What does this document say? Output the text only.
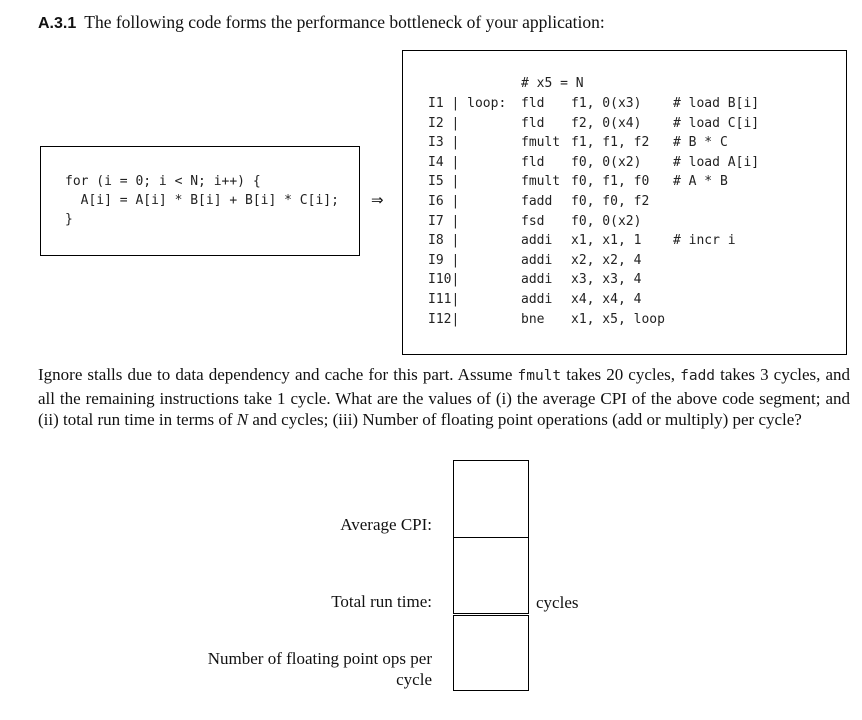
A.3.1 The following code forms the performance bottleneck of your application:
for (i = 0; i < N; i++) {
A[i] = A[i] * B[i] + B[i] * C[i];
}
⇒
# x5 = N
I1 | loop: fld f1, 0(x3) # load B[i]
I2 |	fld f2, 0(x4) # load C[i]
I3 |	fmult f1, f1, f2 # B * C
I4 |	fld f0, 0(x2) # load A[i]
I5 |	fmult f0, f1, f0 # A * B
I6 |	fadd f0, f0, f2
I7 |	fsd f0, 0(x2)
I8 |	addi x1, x1, 1 # incr i
I9 |	addi x2, x2, 4
I10|	addi x3, x3, 4
I11|	addi x4, x4, 4
I12|	bne x1, x5, loop
Ignore stalls due to data dependency and cache for this part. Assume fmult takes 20 cycles, fadd takes 3 cycles, and all the remaining instructions take 1 cycle. What are the values of (i) the average CPI of the above code segment; and (ii) total run time in terms of N and cycles; (iii) Number of floating point operations (add or multiply) per cycle?
Average CPI:
Total run time:	cycles
Number of floating point ops per
cycle
